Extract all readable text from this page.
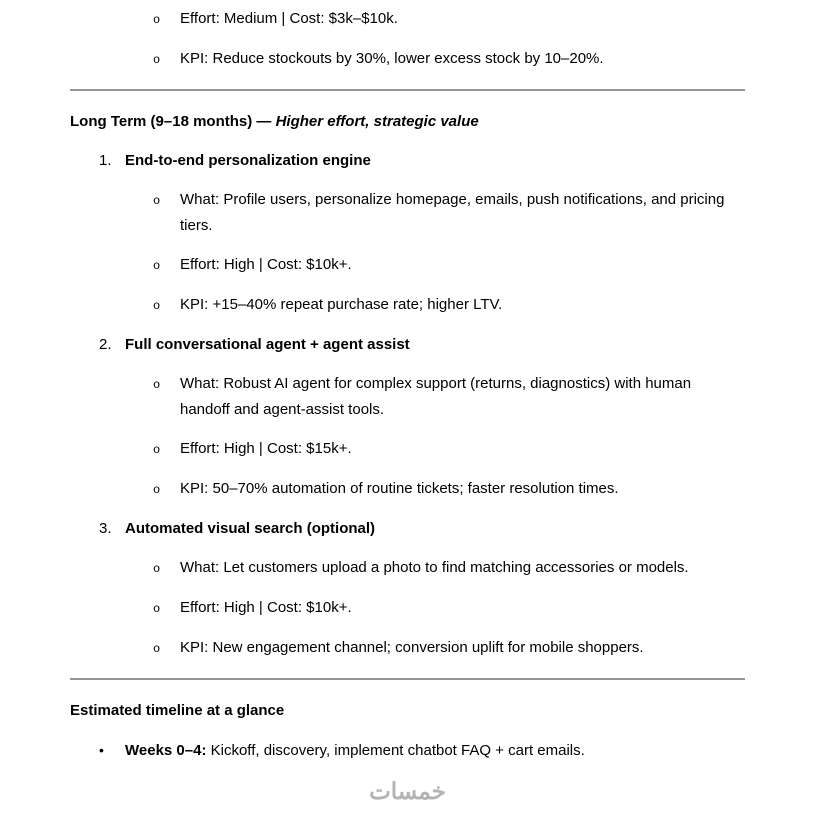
o	Effort: Medium | Cost: $3k–$10k.
o	KPI: Reduce stockouts by 30%, lower excess stock by 10–20%.
Long Term (9–18 months) — Higher effort, strategic value
1. End-to-end personalization engine
o	What: Profile users, personalize homepage, emails, push notifications, and pricing tiers.
o	Effort: High | Cost: $10k+.
o	KPI: +15–40% repeat purchase rate; higher LTV.
2. Full conversational agent + agent assist
o	What: Robust AI agent for complex support (returns, diagnostics) with human handoff and agent-assist tools.
o	Effort: High | Cost: $15k+.
o	KPI: 50–70% automation of routine tickets; faster resolution times.
3. Automated visual search (optional)
o	What: Let customers upload a photo to find matching accessories or models.
o	Effort: High | Cost: $10k+.
o	KPI: New engagement channel; conversion uplift for mobile shoppers.
Estimated timeline at a glance
•	Weeks 0–4: Kickoff, discovery, implement chatbot FAQ + cart emails.
خمسات
